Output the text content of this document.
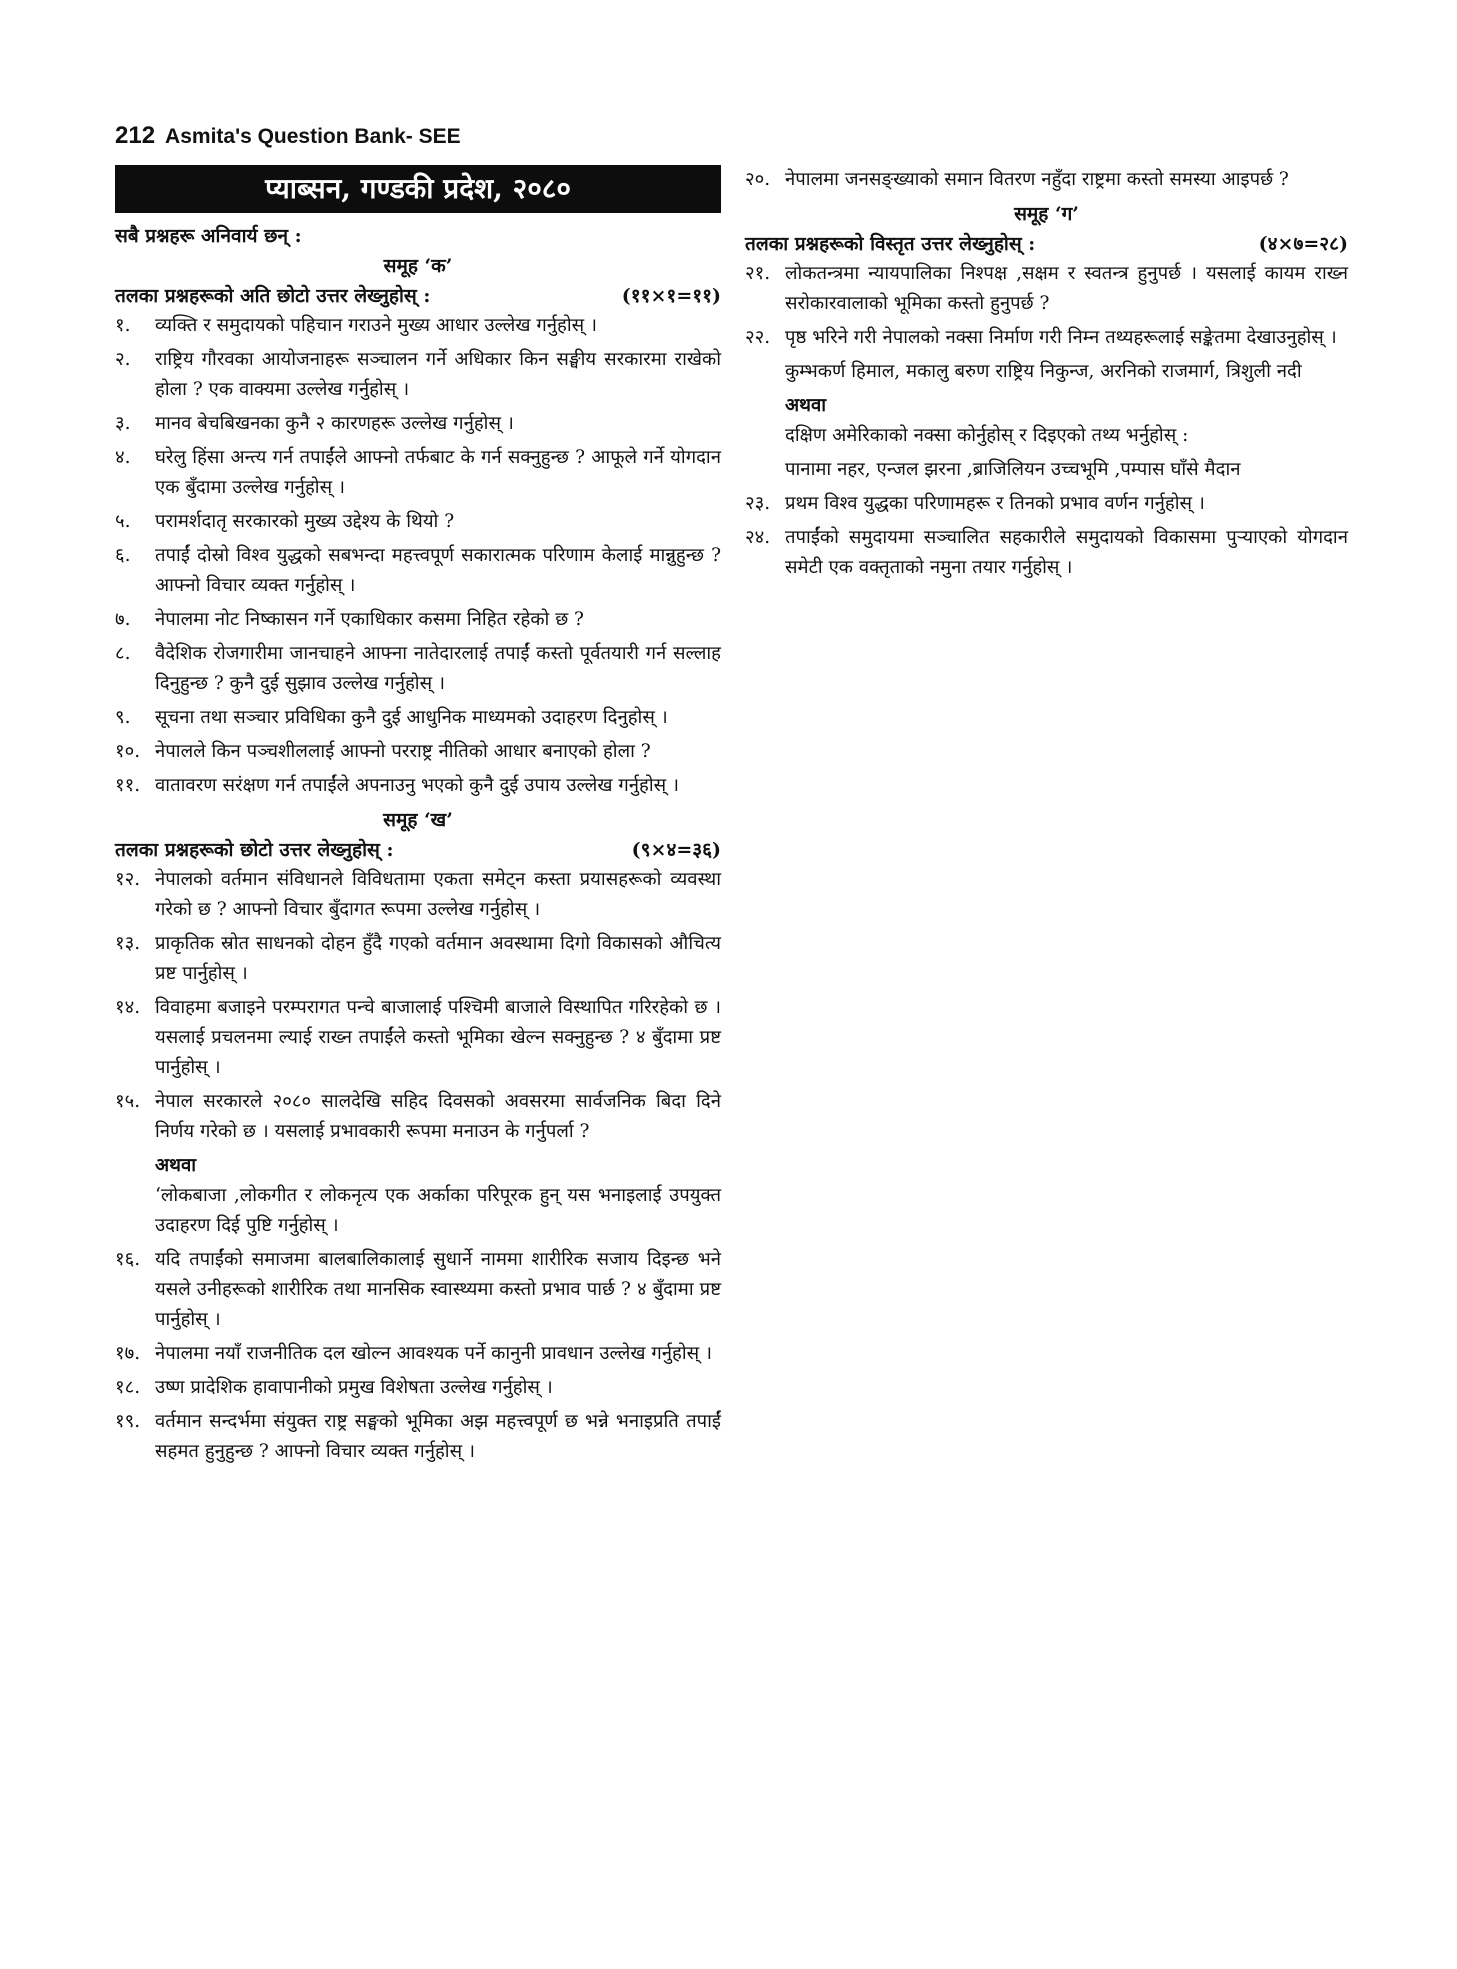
212 Asmita's Question Bank- SEE
प्याब्सन, गण्डकी प्रदेश, २०८०
सबै प्रश्नहरू अनिवार्य छन् :
समूह ‘क’
तलका प्रश्नहरूको अति छोटो उत्तर लेख्नुहोस् :	(११×१=११)
१.	व्यक्ति र समुदायको पहिचान गराउने मुख्य आधार उल्लेख गर्नुहोस् ।
२.	राष्ट्रिय गौरवका आयोजनाहरू सञ्चालन गर्ने अधिकार किन सङ्घीय सरकारमा राखेको होला ? एक वाक्यमा उल्लेख गर्नुहोस् ।
३.	मानव बेचबिखनका कुनै २ कारणहरू उल्लेख गर्नुहोस् ।
४.	घरेलु हिंसा अन्त्य गर्न तपाईंले आफ्नो तर्फबाट के गर्न सक्नुहुन्छ ? आफूले गर्ने योगदान एक बुँदामा उल्लेख गर्नुहोस् ।
५.	परामर्शदातृ सरकारको मुख्य उद्देश्य के थियो ?
६.	तपाईं दोस्रो विश्व युद्धको सबभन्दा महत्त्वपूर्ण सकारात्मक परिणाम केलाई मान्नुहुन्छ ? आफ्नो विचार व्यक्त गर्नुहोस् ।
७.	नेपालमा नोट निष्कासन गर्ने एकाधिकार कसमा निहित रहेको छ ?
८.	वैदेशिक रोजगारीमा जानचाहने आफ्ना नातेदारलाई तपाईं कस्तो पूर्वतयारी गर्न सल्लाह दिनुहुन्छ ? कुनै दुई सुझाव उल्लेख गर्नुहोस् ।
९.	सूचना तथा सञ्चार प्रविधिका कुनै दुई आधुनिक माध्यमको उदाहरण दिनुहोस् ।
१०. नेपालले किन पञ्चशीललाई आफ्नो परराष्ट्र नीतिको आधार बनाएको होला ?
११. वातावरण सरंक्षण गर्न तपाईंले अपनाउनु भएको कुनै दुई उपाय उल्लेख गर्नुहोस् ।
समूह ‘ख’
तलका प्रश्नहरूको छोटो उत्तर लेख्नुहोस् :	(९×४=३६)
१२. नेपालको वर्तमान संविधानले विविधतामा एकता समेट्न कस्ता प्रयासहरूको व्यवस्था गरेको छ ? आफ्नो विचार बुँदागत रूपमा उल्लेख गर्नुहोस् ।
१३. प्राकृतिक स्रोत साधनको दोहन हुँदै गएको वर्तमान अवस्थामा दिगो विकासको औचित्य प्रष्ट पार्नुहोस् ।
१४. विवाहमा बजाइने परम्परागत पन्चे बाजालाई पश्चिमी बाजाले विस्थापित गरिरहेको छ । यसलाई प्रचलनमा ल्याई राख्न तपाईंले कस्तो भूमिका खेल्न सक्नुहुन्छ ? ४ बुँदामा प्रष्ट पार्नुहोस् ।
१५. नेपाल सरकारले २०८० सालदेखि सहिद दिवसको अवसरमा सार्वजनिक बिदा दिने निर्णय गरेको छ । यसलाई प्रभावकारी रूपमा मनाउन के गर्नुपर्ला ?
अथवा
‘लोकबाजा ,लोकगीत र लोकनृत्य एक अर्काका परिपूरक हुन् यस भनाइलाई उपयुक्त उदाहरण दिई पुष्टि गर्नुहोस् ।
१६. यदि तपाईंको समाजमा बालबालिकालाई सुधार्ने नाममा शारीरिक सजाय दिइन्छ भने यसले उनीहरूको शारीरिक तथा मानसिक स्वास्थ्यमा कस्तो प्रभाव पार्छ ? ४ बुँदामा प्रष्ट पार्नुहोस् ।
१७. नेपालमा नयाँ राजनीतिक दल खोल्न आवश्यक पर्ने कानुनी प्रावधान उल्लेख गर्नुहोस् ।
१८. उष्ण प्रादेशिक हावापानीको प्रमुख विशेषता उल्लेख गर्नुहोस् ।
१९. वर्तमान सन्दर्भमा संयुक्त राष्ट्र सङ्घको भूमिका अझ महत्त्वपूर्ण छ भन्ने भनाइप्रति तपाईं सहमत हुनुहुन्छ ? आफ्नो विचार व्यक्त गर्नुहोस् ।
२०. नेपालमा जनसङ्ख्याको समान वितरण नहुँदा राष्ट्रमा कस्तो समस्या आइपर्छ ?
समूह ‘ग’
तलका प्रश्नहरूको विस्तृत उत्तर लेख्नुहोस् :	(४×७=२८)
२१. लोकतन्त्रमा न्यायपालिका निश्पक्ष ,सक्षम र स्वतन्त्र हुनुपर्छ । यसलाई कायम राख्न सरोकारवालाको भूमिका कस्तो हुनुपर्छ ?
२२. पृष्ठ भरिने गरी नेपालको नक्सा निर्माण गरी निम्न तथ्यहरूलाई सङ्केतमा देखाउनुहोस् ।
कुम्भकर्ण हिमाल, मकालु बरुण राष्ट्रिय निकुन्ज, अरनिको राजमार्ग, त्रिशुली नदी
अथवा
दक्षिण अमेरिकाको नक्सा कोर्नुहोस् र दिइएको तथ्य भर्नुहोस् :
पानामा नहर, एन्जल झरना ,ब्राजिलियन उच्चभूमि ,पम्पास घाँसे मैदान
२३. प्रथम विश्व युद्धका परिणामहरू र तिनको प्रभाव वर्णन गर्नुहोस् ।
२४. तपाईंको समुदायमा सञ्चालित सहकारीले समुदायको विकासमा पुऱ्याएको योगदान समेटी एक वक्तृताको नमुना तयार गर्नुहोस् ।
